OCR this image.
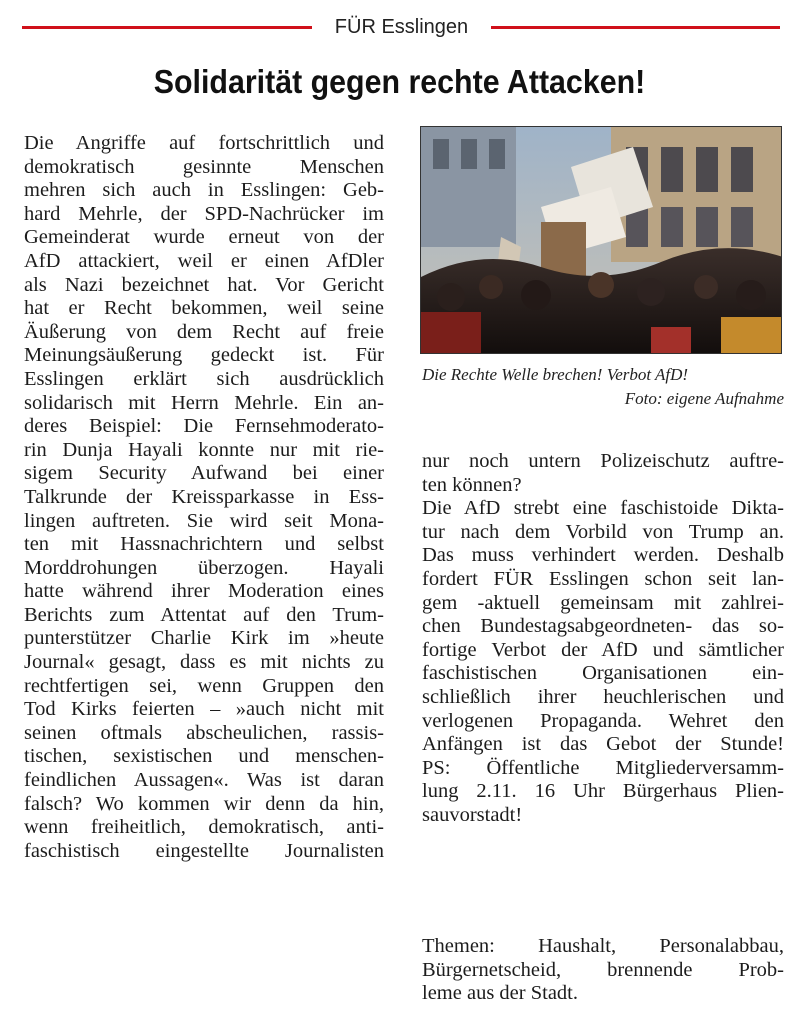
FÜR Esslingen
Solidarität gegen rechte Attacken!
Die Angriffe auf fortschrittlich und
demokratisch gesinnte Menschen
mehren sich auch in Esslingen: Geb-
hard Mehrle, der SPD-Nachrücker im
Gemeinderat wurde erneut von der
AfD attackiert, weil er einen AfDler
als Nazi bezeichnet hat. Vor Gericht
hat er Recht bekommen, weil seine
Äußerung von dem Recht auf freie
Meinungsäußerung gedeckt ist. Für
Esslingen erklärt sich ausdrücklich
solidarisch mit Herrn Mehrle. Ein an-
deres Beispiel: Die Fernsehmoderato-
rin Dunja Hayali konnte nur mit rie-
sigem Security Aufwand bei einer
Talkrunde der Kreissparkasse in Ess-
lingen auftreten. Sie wird seit Mona-
ten mit Hassnachrichtern und selbst
Morddrohungen überzogen. Hayali
hatte während ihrer Moderation eines
Berichts zum Attentat auf den Trum-
punterstützer Charlie Kirk im »heute
Journal« gesagt, dass es mit nichts zu
rechtfertigen sei, wenn Gruppen den
Tod Kirks feierten – »auch nicht mit
seinen oftmals abscheulichen, rassis-
tischen, sexistischen und menschen-
feindlichen Aussagen«. Was ist daran
falsch? Wo kommen wir denn da hin,
wenn freiheitlich, demokratisch, anti-
faschistisch eingestellte Journalisten
Die Rechte Welle brechen! Verbot AfD!
Foto: eigene Aufnahme
nur noch untern Polizeischutz auftre-
ten können?
Die AfD strebt eine faschistoide Dikta-
tur nach dem Vorbild von Trump an.
Das muss verhindert werden. Deshalb
fordert FÜR Esslingen schon seit lan-
gem -aktuell gemeinsam mit zahlrei-
chen Bundestagsabgeordneten- das so-
fortige Verbot der AfD und sämtlicher
faschistischen Organisationen ein-
schließlich ihrer heuchlerischen und
verlogenen Propaganda. Wehret den
Anfängen ist das Gebot der Stunde!
PS: Öffentliche Mitgliederversamm-
lung 2.11. 16 Uhr Bürgerhaus Plien-
sauvorstadt!
Themen: Haushalt, Personalabbau,
Bürgernetscheid, brennende Prob-
leme aus der Stadt.
